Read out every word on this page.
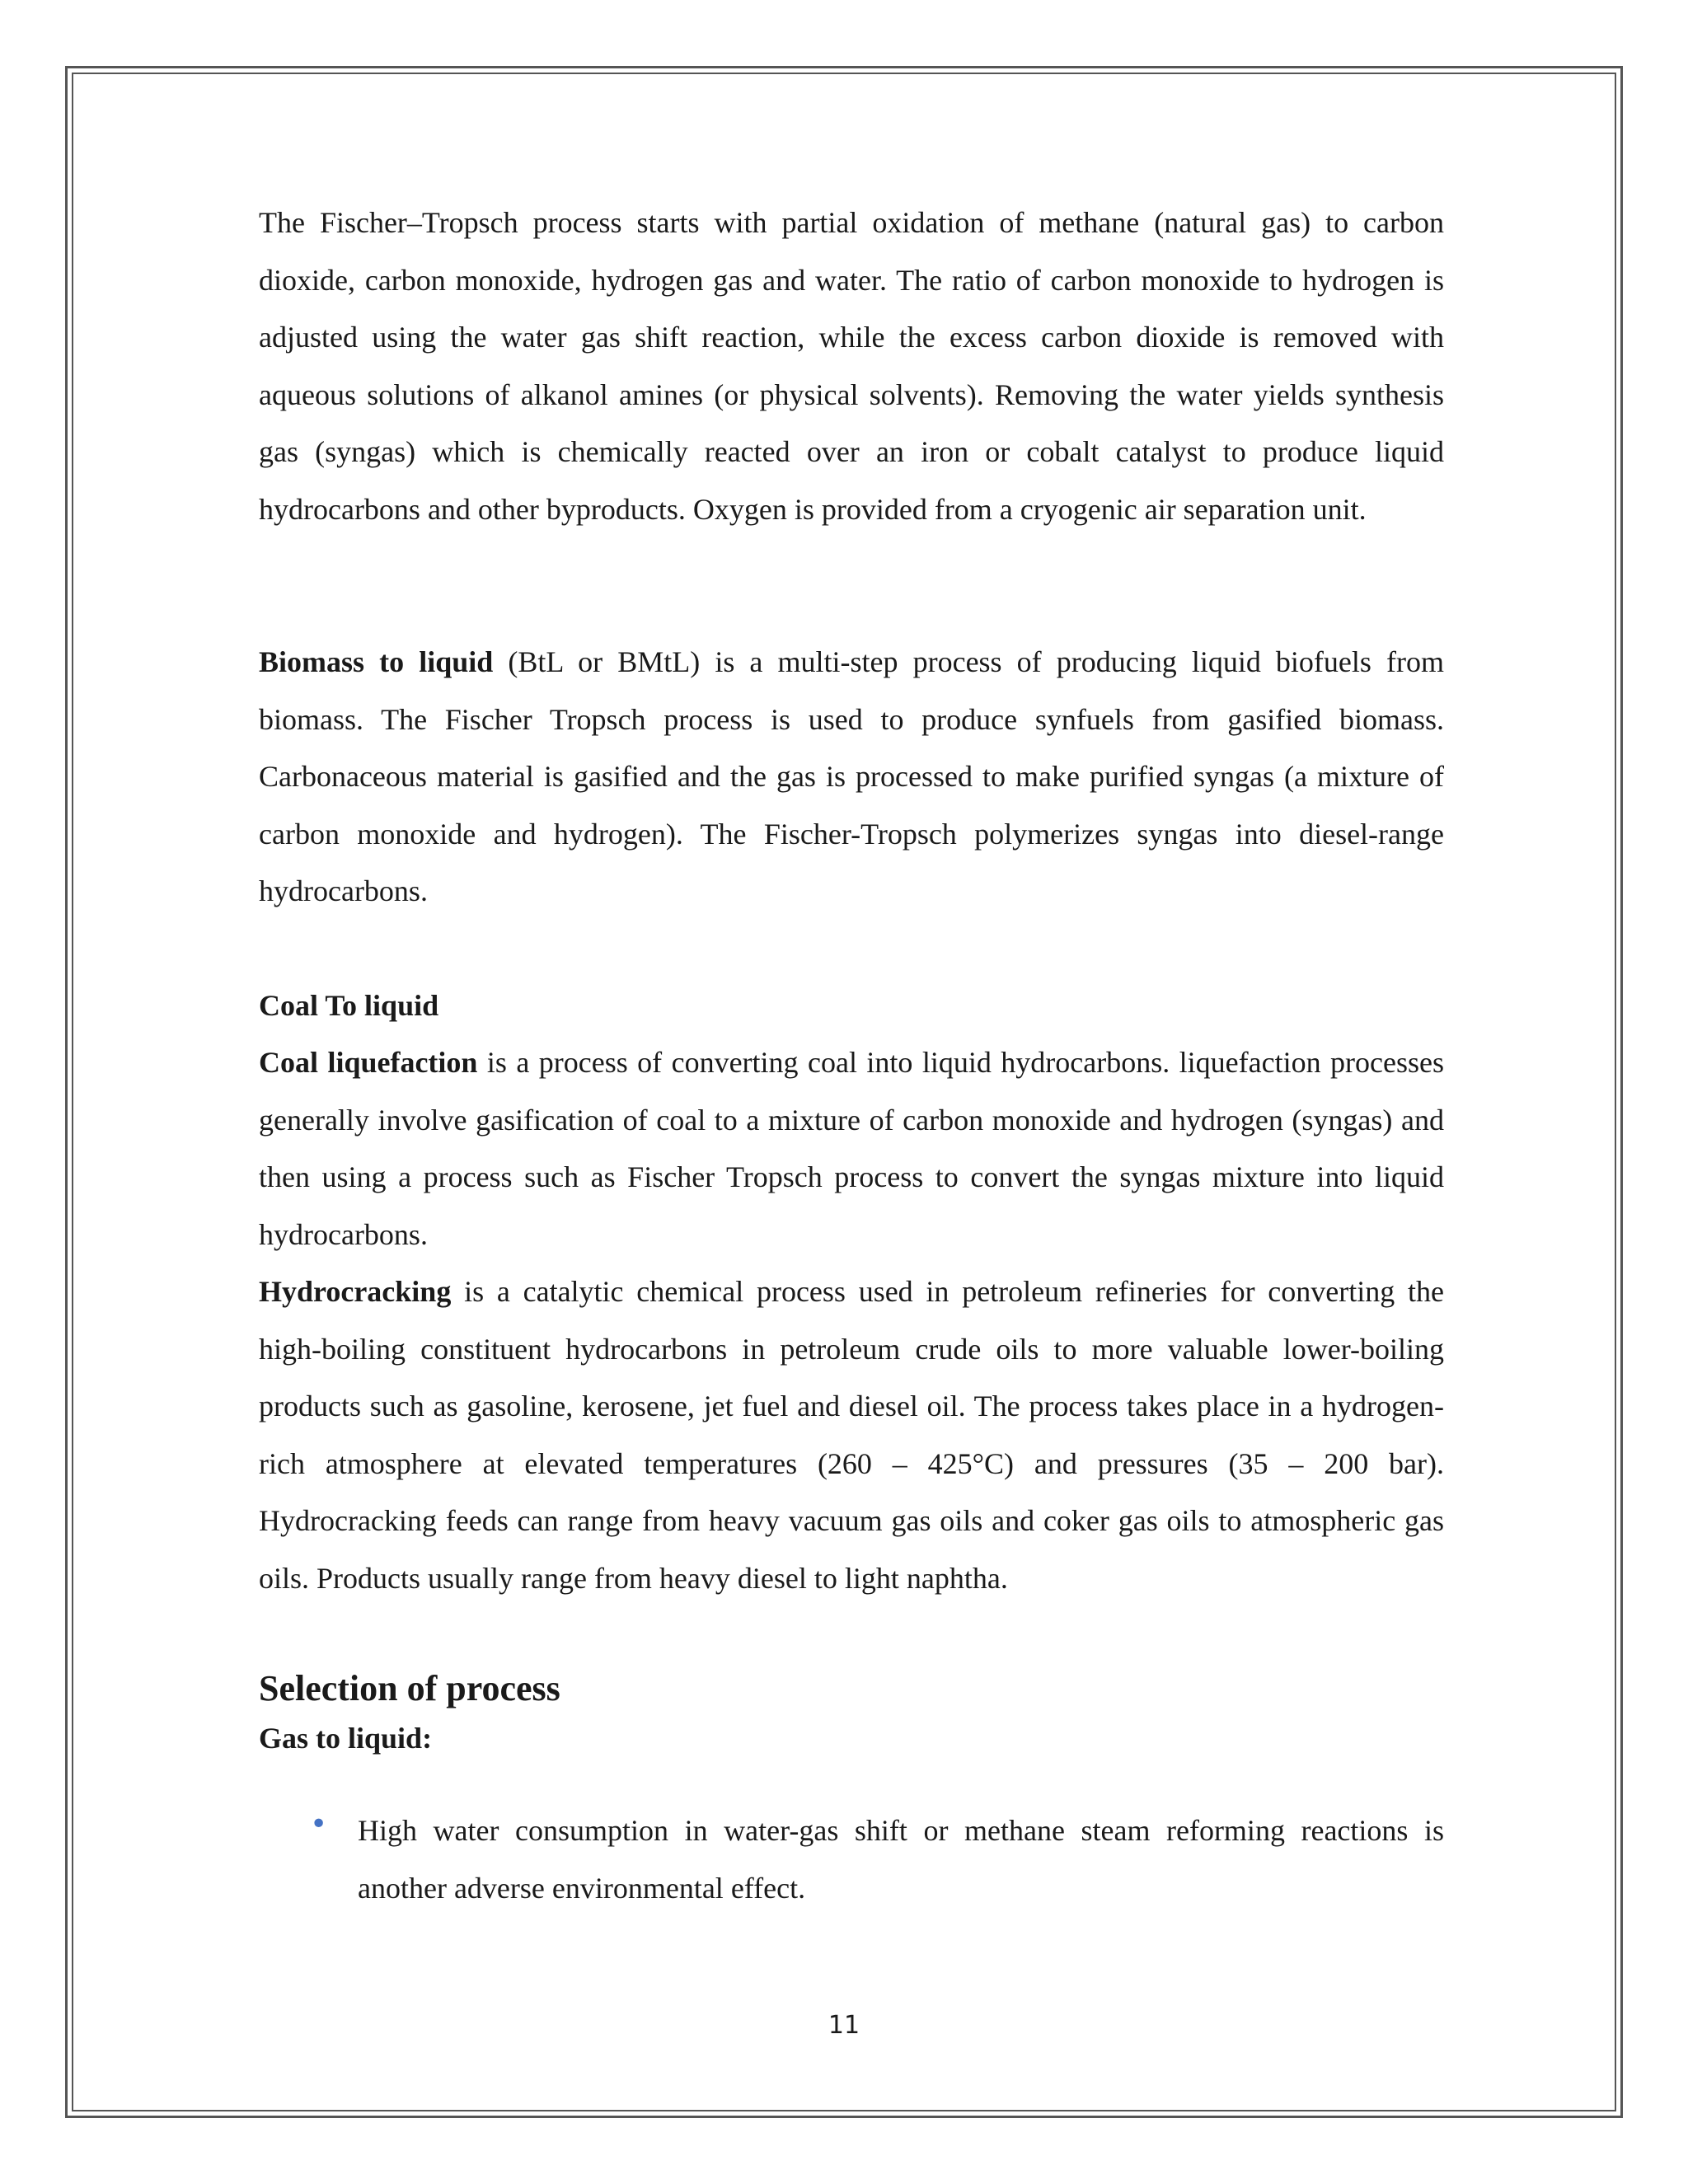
The Fischer–Tropsch process starts with partial oxidation of methane (natural gas) to carbon dioxide, carbon monoxide, hydrogen gas and water. The ratio of carbon monoxide to hydrogen is adjusted using the water gas shift reaction, while the excess carbon dioxide is removed with aqueous solutions of alkanol amines (or physical solvents). Removing the water yields synthesis gas (syngas) which is chemically reacted over an iron or cobalt catalyst to produce liquid hydrocarbons and other byproducts. Oxygen is provided from a cryogenic air separation unit.

Biomass to liquid (BtL or BMtL) is a multi-step process of producing liquid biofuels from biomass. The Fischer Tropsch process is used to produce synfuels from gasified biomass. Carbonaceous material is gasified and the gas is processed to make purified syngas (a mixture of carbon monoxide and hydrogen). The Fischer-Tropsch polymerizes syngas into diesel-range hydrocarbons.

Coal To liquid

Coal liquefaction is a process of converting coal into liquid hydrocarbons. liquefaction processes generally involve gasification of coal to a mixture of carbon monoxide and hydrogen (syngas) and then using a process such as Fischer Tropsch process to convert the syngas mixture into liquid hydrocarbons.

Hydrocracking is a catalytic chemical process used in petroleum refineries for converting the high-boiling constituent hydrocarbons in petroleum crude oils to more valuable lower-boiling products such as gasoline, kerosene, jet fuel and diesel oil. The process takes place in a hydrogen-rich atmosphere at elevated temperatures (260 – 425°C) and pressures (35 – 200 bar). Hydrocracking feeds can range from heavy vacuum gas oils and coker gas oils to atmospheric gas oils. Products usually range from heavy diesel to light naphtha.

Selection of process
Gas to liquid:
• High water consumption in water-gas shift or methane steam reforming reactions is another adverse environmental effect.
11
